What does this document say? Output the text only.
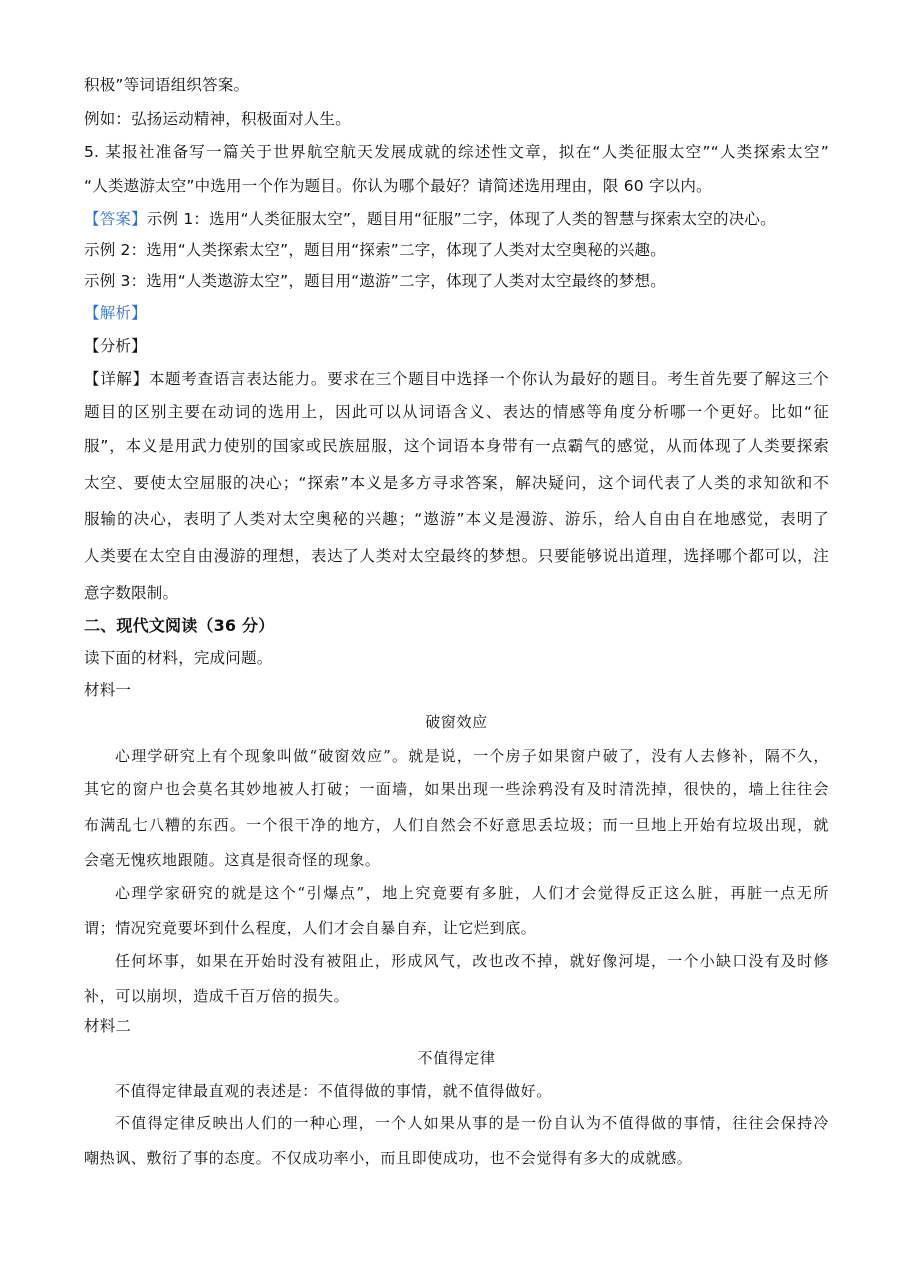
积极”等词语组织答案。
例如：弘扬运动精神，积极面对人生。
5. 某报社准备写一篇关于世界航空航天发展成就的综述性文章，拟在“人类征服太空”“人类探索太空”
“人类遨游太空”中选用一个作为题目。你认为哪个最好？请简述选用理由，限 60 字以内。
【答案】示例 1：选用“人类征服太空”，题目用“征服”二字，体现了人类的智慧与探索太空的决心。
示例 2：选用“人类探索太空”，题目用“探索”二字，体现了人类对太空奥秘的兴趣。
示例 3：选用“人类遨游太空”，题目用“遨游”二字，体现了人类对太空最终的梦想。
【解析】
【分析】
【详解】本题考查语言表达能力。要求在三个题目中选择一个你认为最好的题目。考生首先要了解这三个
题目的区别主要在动词的选用上，因此可以从词语含义、表达的情感等角度分析哪一个更好。比如“征
服”，本义是用武力使别的国家或民族屈服，这个词语本身带有一点霸气的感觉，从而体现了人类要探索
太空、要使太空屈服的决心；“探索”本义是多方寻求答案，解决疑问，这个词代表了人类的求知欲和不
服输的决心，表明了人类对太空奥秘的兴趣；“遨游”本义是漫游、游乐，给人自由自在地感觉，表明了
人类要在太空自由漫游的理想，表达了人类对太空最终的梦想。只要能够说出道理，选择哪个都可以，注
意字数限制。
二、现代文阅读（36 分）
读下面的材料，完成问题。
材料一
破窗效应
心理学研究上有个现象叫做“破窗效应”。就是说，一个房子如果窗户破了，没有人去修补，隔不久，
其它的窗户也会莫名其妙地被人打破；一面墙，如果出现一些涂鸦没有及时清洗掉，很快的，墙上往往会
布满乱七八糟的东西。一个很干净的地方，人们自然会不好意思丢垃圾；而一旦地上开始有垃圾出现，就
会毫无愧疚地跟随。这真是很奇怪的现象。
心理学家研究的就是这个“引爆点”，地上究竟要有多脏，人们才会觉得反正这么脏，再脏一点无所
谓；情况究竟要坏到什么程度，人们才会自暴自弃，让它烂到底。
任何坏事，如果在开始时没有被阻止，形成风气，改也改不掉，就好像河堤，一个小缺口没有及时修
补，可以崩坝，造成千百万倍的损失。
材料二
不值得定律
不值得定律最直观的表述是：不值得做的事情，就不值得做好。
不值得定律反映出人们的一种心理，一个人如果从事的是一份自认为不值得做的事情，往往会保持冷
嘲热讽、敷衍了事的态度。不仅成功率小，而且即使成功，也不会觉得有多大的成就感。
